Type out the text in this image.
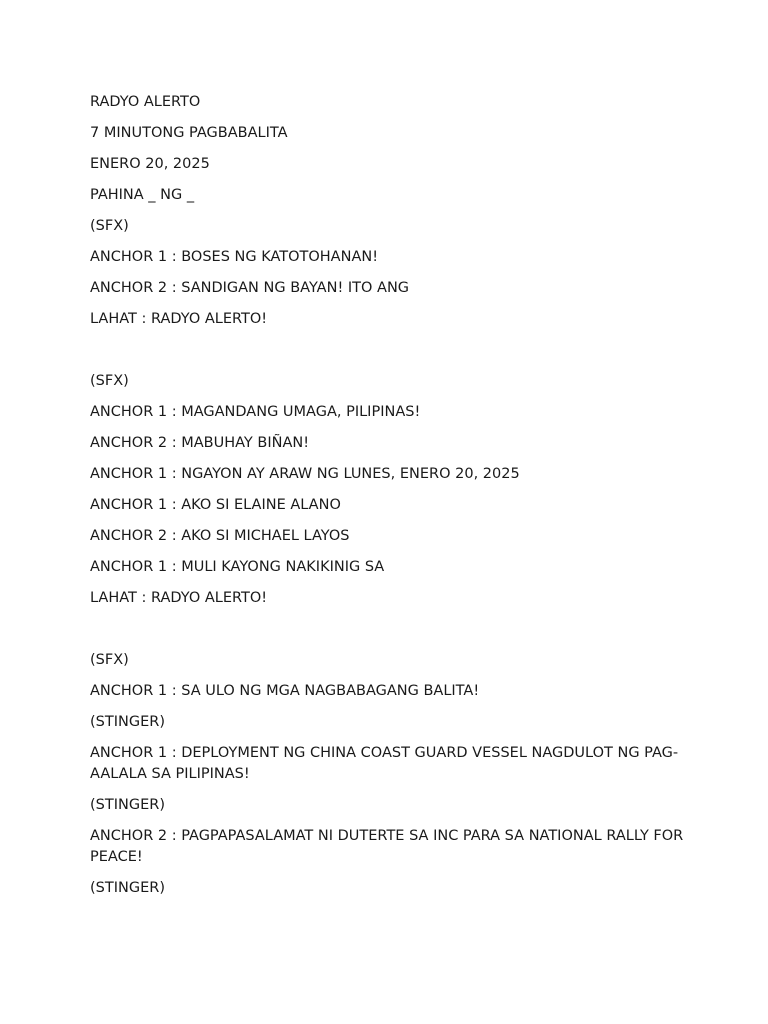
RADYO ALERTO
7 MINUTONG PAGBABALITA
ENERO 20, 2025
PAHINA _ NG _
(SFX)
ANCHOR 1 : BOSES NG KATOTOHANAN!
ANCHOR 2 : SANDIGAN NG BAYAN! ITO ANG
LAHAT : RADYO ALERTO!
(SFX)
ANCHOR 1 : MAGANDANG UMAGA, PILIPINAS!
ANCHOR 2 : MABUHAY BIÑAN!
ANCHOR 1 : NGAYON AY ARAW NG LUNES, ENERO 20, 2025
ANCHOR 1 : AKO SI ELAINE ALANO
ANCHOR 2 : AKO SI MICHAEL LAYOS
ANCHOR 1 : MULI KAYONG NAKIKINIG SA
LAHAT : RADYO ALERTO!
(SFX)
ANCHOR 1 : SA ULO NG MGA NAGBABAGANG BALITA!
(STINGER)
ANCHOR 1 : DEPLOYMENT NG CHINA COAST GUARD VESSEL NAGDULOT NG PAG-AALALA SA PILIPINAS!
(STINGER)
ANCHOR 2 : PAGPAPASALAMAT NI DUTERTE SA INC PARA SA NATIONAL RALLY FOR PEACE!
(STINGER)
